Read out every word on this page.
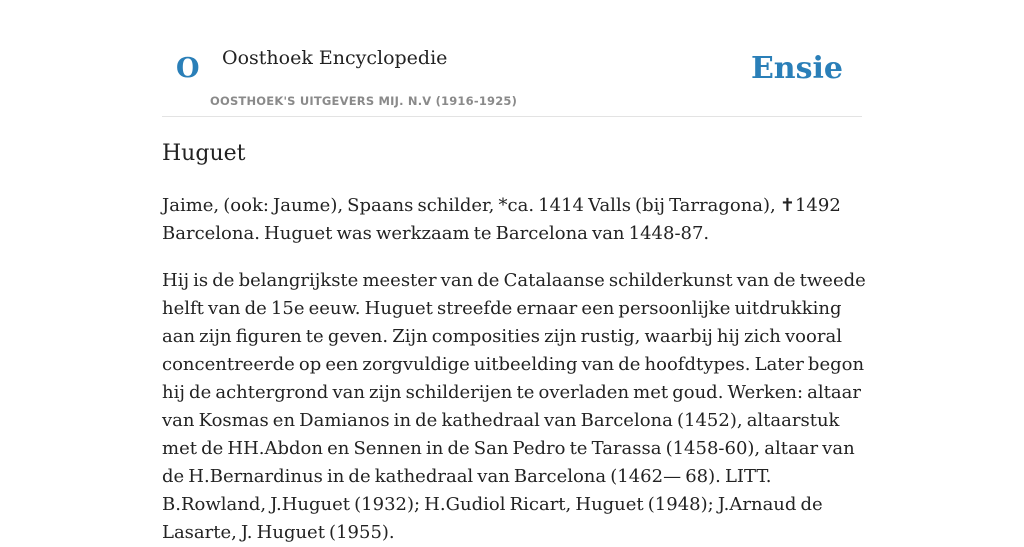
O Oosthoek Encyclopedie
OOSTHOEK'S UITGEVERS MIJ. N.V (1916-1925)
Ensie
Huguet

Jaime, (ook: Jaume), Spaans schilder, *ca. 1414 Valls (bij Tarragona), ✝1492 Barcelona. Huguet was werkzaam te Barcelona van 1448-87.

Hij is de belangrijkste meester van de Catalaanse schilderkunst van de tweede helft van de 15e eeuw. Huguet streefde ernaar een persoonlijke uitdrukking aan zijn figuren te geven. Zijn composities zijn rustig, waarbij hij zich vooral concentreerde op een zorgvuldige uitbeelding van de hoofdtypes. Later begon hij de achtergrond van zijn schilderijen te overladen met goud. Werken: altaar van Kosmas en Damianos in de kathedraal van Barcelona (1452), altaarstuk met de HH.Abdon en Sennen in de San Pedro te Tarassa (1458-60), altaar van de H.Bernardinus in de kathedraal van Barcelona (1462— 68). LITT. B.Rowland, J.Huguet (1932); H.Gudiol Ricart, Huguet (1948); J.Arnaud de Lasarte, J. Huguet (1955).
